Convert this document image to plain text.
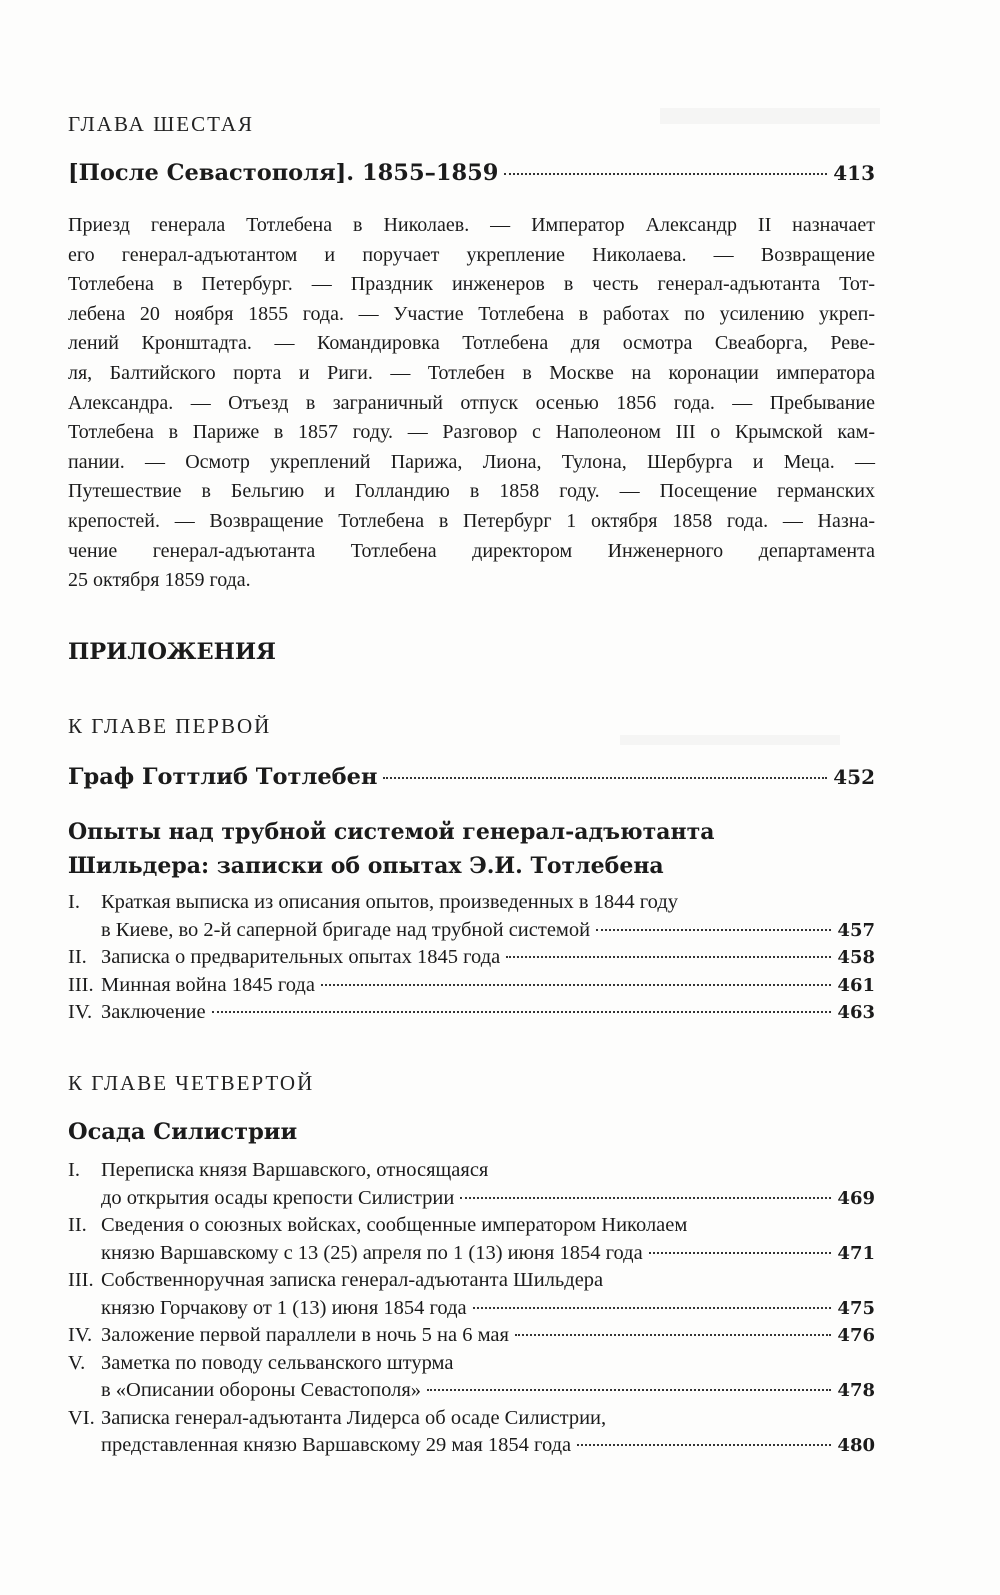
ГЛАВА ШЕСТАЯ
[После Севастополя]. 1855–1859	413
Приезд генерала Тотлебена в Николаев. — Император Александр II назначает
его генерал-адъютантом и поручает укрепление Николаева. — Возвращение
Тотлебена в Петербург. — Праздник инженеров в честь генерал-адъютанта Тот-
лебена 20 ноября 1855 года. — Участие Тотлебена в работах по усилению укреп-
лений Кронштадта. — Командировка Тотлебена для осмотра Свеаборга, Реве-
ля, Балтийского порта и Риги. — Тотлебен в Москве на коронации императора
Александра. — Отъезд в заграничный отпуск осенью 1856 года. — Пребывание
Тотлебена в Париже в 1857 году. — Разговор с Наполеоном III о Крымской кам-
пании. — Осмотр укреплений Парижа, Лиона, Тулона, Шербурга и Меца. —
Путешествие в Бельгию и Голландию в 1858 году. — Посещение германских
крепостей. — Возвращение Тотлебена в Петербург 1 октября 1858 года. — Назна-
чение генерал-адъютанта Тотлебена директором Инженерного департамента
25 октября 1859 года.
ПРИЛОЖЕНИЯ
К ГЛАВЕ ПЕРВОЙ
Граф Готтлиб Тотлебен	452
Опыты над трубной системой генерал-адъютанта
Шильдера: записки об опытах Э.И. Тотлебена
I.	Краткая выписка из описания опытов, произведенных в 1844 году
в Киеве, во 2-й саперной бригаде над трубной системой	457
II. Записка о предварительных опытах 1845 года	458
III. Минная война 1845 года	461
IV. Заключение	463
К ГЛАВЕ ЧЕТВЕРТОЙ
Осада Силистрии
I.	Переписка князя Варшавского, относящаяся
до открытия осады крепости Силистрии	469
II. Сведения о союзных войсках, сообщенные императором Николаем
князю Варшавскому с 13 (25) апреля по 1 (13) июня 1854 года	471
III. Собственноручная записка генерал-адъютанта Шильдера
князю Горчакову от 1 (13) июня 1854 года	475
IV. Заложение первой параллели в ночь 5 на 6 мая	476
V. Заметка по поводу сельванского штурма
в «Описании обороны Севастополя»	478
VI. Записка генерал-адъютанта Лидерса об осаде Силистрии,
представленная князю Варшавскому 29 мая 1854 года	480
